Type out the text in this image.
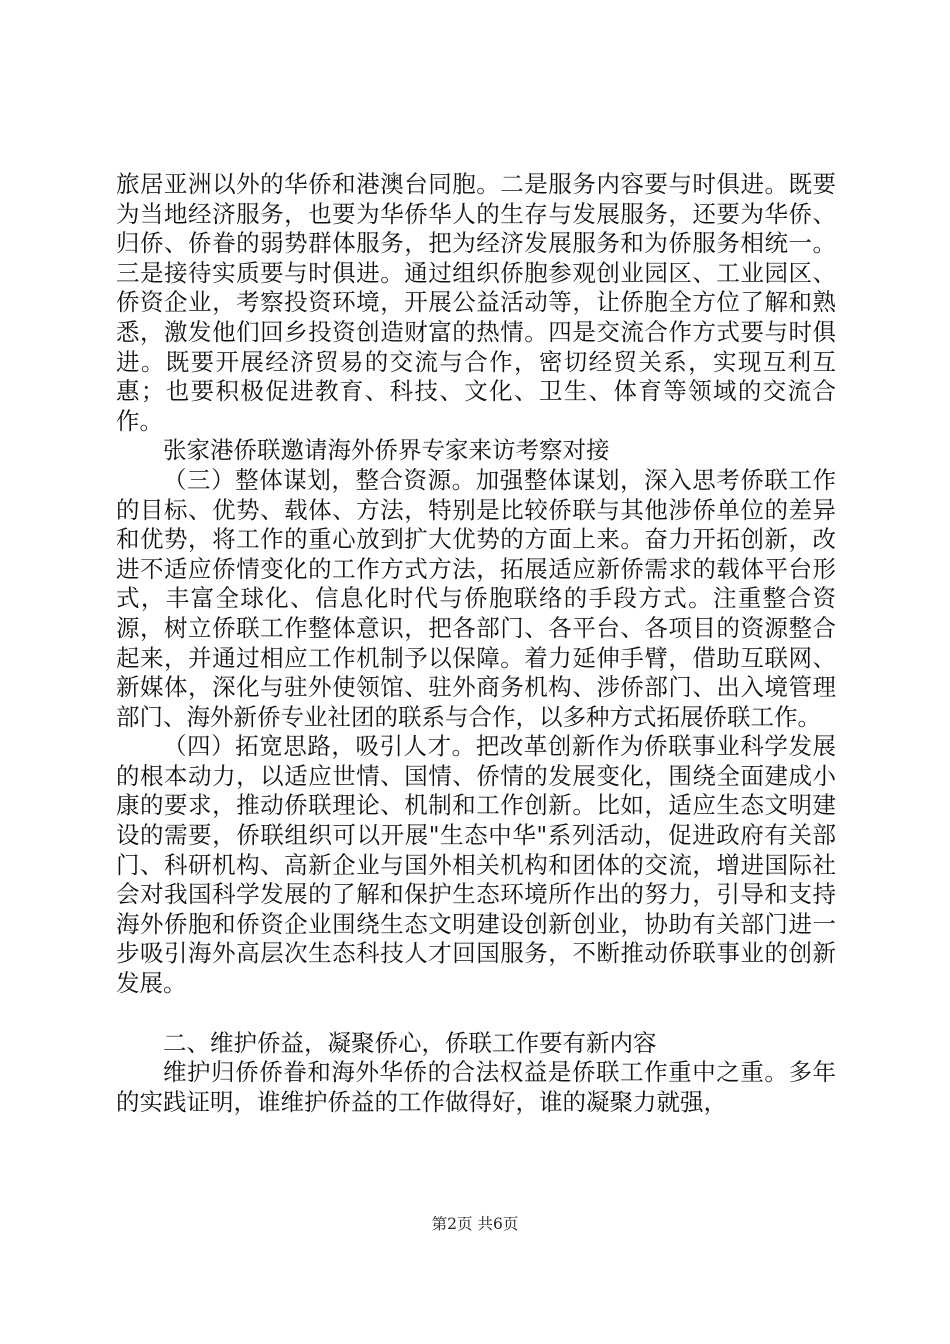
旅居亚洲以外的华侨和港澳台同胞。二是服务内容要与时俱进。既要为当地经济服务，也要为华侨华人的生存与发展服务，还要为华侨、归侨、侨眷的弱势群体服务，把为经济发展服务和为侨服务相统一。三是接待实质要与时俱进。通过组织侨胞参观创业园区、工业园区、侨资企业，考察投资环境，开展公益活动等，让侨胞全方位了解和熟悉，激发他们回乡投资创造财富的热情。四是交流合作方式要与时俱进。既要开展经济贸易的交流与合作，密切经贸关系，实现互利互惠；也要积极促进教育、科技、文化、卫生、体育等领域的交流合作。

张家港侨联邀请海外侨界专家来访考察对接

（三）整体谋划，整合资源。加强整体谋划，深入思考侨联工作的目标、优势、载体、方法，特别是比较侨联与其他涉侨单位的差异和优势，将工作的重心放到扩大优势的方面上来。奋力开拓创新，改进不适应侨情变化的工作方式方法，拓展适应新侨需求的载体平台形式，丰富全球化、信息化时代与侨胞联络的手段方式。注重整合资源，树立侨联工作整体意识，把各部门、各平台、各项目的资源整合起来，并通过相应工作机制予以保障。着力延伸手臂，借助互联网、新媒体，深化与驻外使领馆、驻外商务机构、涉侨部门、出入境管理部门、海外新侨专业社团的联系与合作，以多种方式拓展侨联工作。

（四）拓宽思路，吸引人才。把改革创新作为侨联事业科学发展的根本动力，以适应世情、国情、侨情的发展变化，围绕全面建成小康的要求，推动侨联理论、机制和工作创新。比如，适应生态文明建设的需要，侨联组织可以开展"生态中华"系列活动，促进政府有关部门、科研机构、高新企业与国外相关机构和团体的交流，增进国际社会对我国科学发展的了解和保护生态环境所作出的努力，引导和支持海外侨胞和侨资企业围绕生态文明建设创新创业，协助有关部门进一步吸引海外高层次生态科技人才回国服务，不断推动侨联事业的创新发展。

二、维护侨益，凝聚侨心，侨联工作要有新内容

维护归侨侨眷和海外华侨的合法权益是侨联工作重中之重。多年的实践证明，谁维护侨益的工作做得好，谁的凝聚力就强，

第2页 共6页
